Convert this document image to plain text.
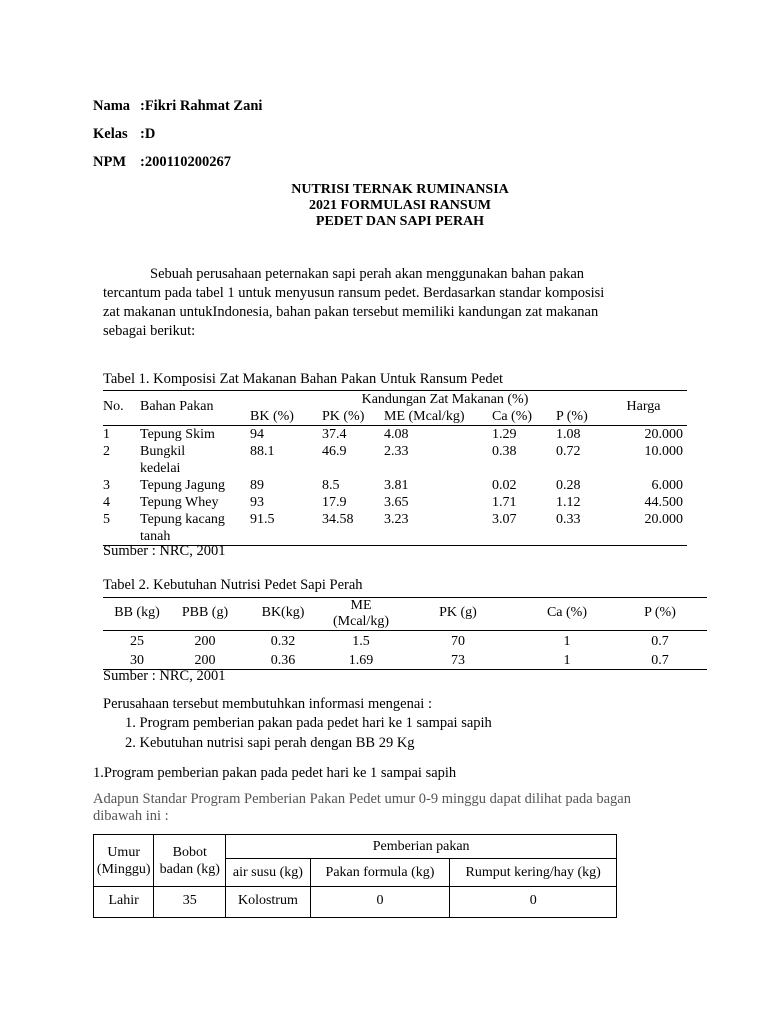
Nama :Fikri Rahmat Zani
Kelas :D
NPM :200110200267
NUTRISI TERNAK RUMINANSIA
2021 FORMULASI RANSUM
PEDET DAN SAPI PERAH
Sebuah perusahaan peternakan sapi perah akan menggunakan bahan pakan
tercantum pada tabel 1 untuk menyusun ransum pedet. Berdasarkan standar komposisi
zat makanan untukIndonesia, bahan pakan tersebut memiliki kandungan zat makanan
sebagai berikut:
Tabel 1. Komposisi Zat Makanan Bahan Pakan Untuk Ransum Pedet
No.	Bahan Pakan	Kandungan Zat Makanan (%)					Harga
		BK (%)	PK (%)	ME (Mcal/kg)	Ca (%)	P (%)	
1	Tepung Skim	94	37.4	4.08	1.29	1.08	20.000
2	Bungkil kedelai	88.1	46.9	2.33	0.38	0.72	10.000
3	Tepung Jagung	89	8.5	3.81	0.02	0.28	6.000
4	Tepung Whey	93	17.9	3.65	1.71	1.12	44.500
5	Tepung kacang tanah	91.5	34.58	3.23	3.07	0.33	20.000
Sumber : NRC, 2001
Tabel 2. Kebutuhan Nutrisi Pedet Sapi Perah
BB (kg)	PBB (g)	BK(kg)	ME (Mcal/kg)	PK (g)	Ca (%)	P (%)
25	200	0.32	1.5	70	1	0.7
30	200	0.36	1.69	73	1	0.7
Sumber : NRC, 2001
Perusahaan tersebut membutuhkan informasi mengenai :
1. Program pemberian pakan pada pedet hari ke 1 sampai sapih
2. Kebutuhan nutrisi sapi perah dengan BB 29 Kg
1.Program pemberian pakan pada pedet hari ke 1 sampai sapih
Adapun Standar Program Pemberian Pakan Pedet umur 0-9 minggu dapat dilihat pada bagan
dibawah ini :
Umur (Minggu)	Bobot badan (kg)	Pemberian pakan		
		air susu (kg)	Pakan formula (kg)	Rumput kering/hay (kg)
Lahir	35	Kolostrum	0	0
